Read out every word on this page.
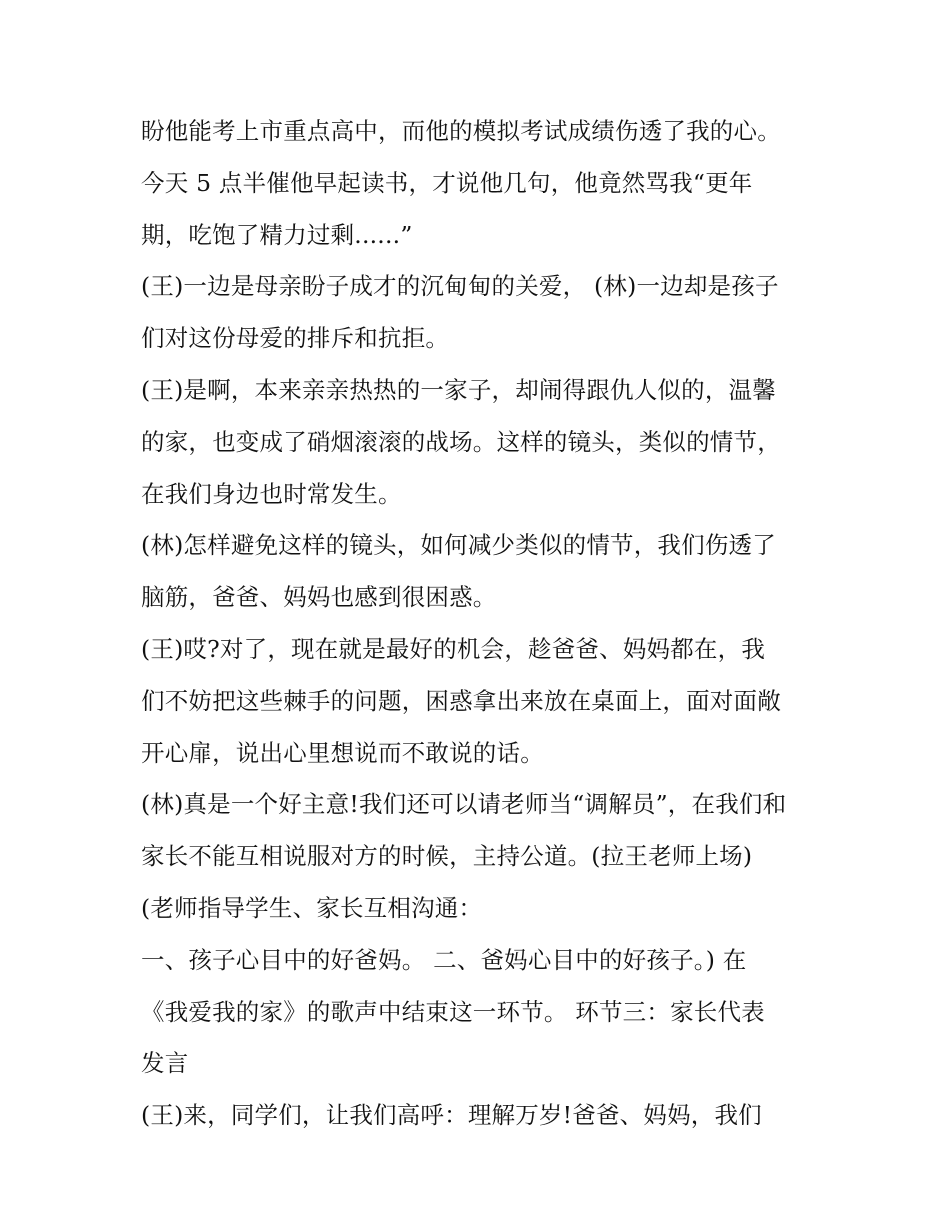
盼他能考上市重点高中，而他的模拟考试成绩伤透了我的心。
今天 5 点半催他早起读书，才说他几句，他竟然骂我“更年
期，吃饱了精力过剩......”
(王)一边是母亲盼子成才的沉甸甸的关爱， (林)一边却是孩子
们对这份母爱的排斥和抗拒。
(王)是啊，本来亲亲热热的一家子，却闹得跟仇人似的，温馨
的家，也变成了硝烟滚滚的战场。这样的镜头，类似的情节，
在我们身边也时常发生。
(林)怎样避免这样的镜头，如何减少类似的情节，我们伤透了
脑筋，爸爸、妈妈也感到很困惑。
(王)哎?对了，现在就是最好的机会，趁爸爸、妈妈都在，我
们不妨把这些棘手的问题，困惑拿出来放在桌面上，面对面敞
开心扉，说出心里想说而不敢说的话。
(林)真是一个好主意!我们还可以请老师当“调解员”，在我们和
家长不能互相说服对方的时候，主持公道。(拉王老师上场)
(老师指导学生、家长互相沟通：
一、孩子心目中的好爸妈。 二、爸妈心目中的好孩子。) 在
《我爱我的家》的歌声中结束这一环节。 环节三：家长代表
发言
(王)来，同学们，让我们高呼：理解万岁!爸爸、妈妈，我们
